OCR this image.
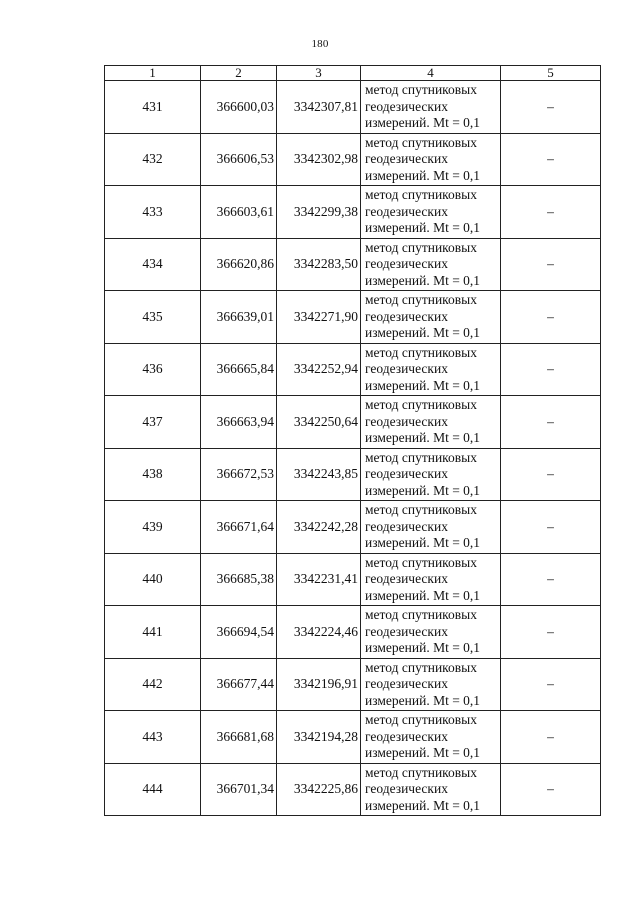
180
1	2	3	4	5
431	366600,03	3342307,81	метод спутниковых
геодезических
измерений. Mt = 0,1	–
432	366606,53	3342302,98	метод спутниковых
геодезических
измерений. Mt = 0,1	–
433	366603,61	3342299,38	метод спутниковых
геодезических
измерений. Mt = 0,1	–
434	366620,86	3342283,50	метод спутниковых
геодезических
измерений. Mt = 0,1	–
435	366639,01	3342271,90	метод спутниковых
геодезических
измерений. Mt = 0,1	–
436	366665,84	3342252,94	метод спутниковых
геодезических
измерений. Mt = 0,1	–
437	366663,94	3342250,64	метод спутниковых
геодезических
измерений. Mt = 0,1	–
438	366672,53	3342243,85	метод спутниковых
геодезических
измерений. Mt = 0,1	–
439	366671,64	3342242,28	метод спутниковых
геодезических
измерений. Mt = 0,1	–
440	366685,38	3342231,41	метод спутниковых
геодезических
измерений. Mt = 0,1	–
441	366694,54	3342224,46	метод спутниковых
геодезических
измерений. Mt = 0,1	–
442	366677,44	3342196,91	метод спутниковых
геодезических
измерений. Mt = 0,1	–
443	366681,68	3342194,28	метод спутниковых
геодезических
измерений. Mt = 0,1	–
444	366701,34	3342225,86	метод спутниковых
геодезических
измерений. Mt = 0,1	–
